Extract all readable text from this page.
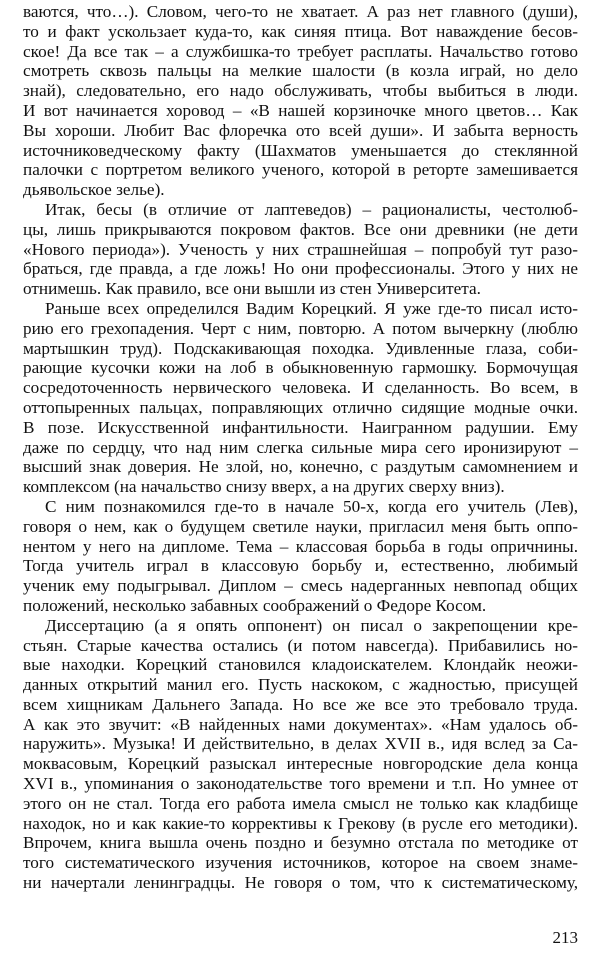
ваются, что…). Словом, чего-то не хватает. А раз нет главного (души),
то и факт ускользает куда-то, как синяя птица. Вот наваждение бесов-
ское! Да все так – а службишка-то требует расплаты. Начальство готово
смотреть сквозь пальцы на мелкие шалости (в козла играй, но дело
знай), следовательно, его надо обслуживать, чтобы выбиться в люди.
И вот начинается хоровод – «В нашей корзиночке много цветов… Как
Вы хороши. Любит Вас флоречка ото всей души». И забыта верность
источниковедческому факту (Шахматов уменьшается до стеклянной
палочки с портретом великого ученого, которой в реторте замешивается
дьявольское зелье).
Итак, бесы (в отличие от лаптеведов) – рационалисты, честолюб-
цы, лишь прикрываются покровом фактов. Все они древники (не дети
«Нового периода»). Ученость у них страшнейшая – попробуй тут разо-
браться, где правда, а где ложь! Но они профессионалы. Этого у них не
отнимешь. Как правило, все они вышли из стен Университета.
Раньше всех определился Вадим Корецкий. Я уже где-то писал исто-
рию его грехопадения. Черт с ним, повторю. А потом вычеркну (люблю
мартышкин труд). Подскакивающая походка. Удивленные глаза, соби-
рающие кусочки кожи на лоб в обыкновенную гармошку. Бормочущая
сосредоточенность нервического человека. И сделанность. Во всем, в
оттопыренных пальцах, поправляющих отлично сидящие модные очки.
В позе. Искусственной инфантильности. Наигранном радушии. Ему
даже по сердцу, что над ним слегка сильные мира сего иронизируют –
высший знак доверия. Не злой, но, конечно, с раздутым самомнением и
комплексом (на начальство снизу вверх, а на других сверху вниз).
С ним познакомился где-то в начале 50-х, когда его учитель (Лев),
говоря о нем, как о будущем светиле науки, пригласил меня быть оппо-
нентом у него на дипломе. Тема – классовая борьба в годы опричнины.
Тогда учитель играл в классовую борьбу и, естественно, любимый
ученик ему подыгрывал. Диплом – смесь надерганных невпопад общих
положений, несколько забавных соображений о Федоре Косом.
Диссертацию (а я опять оппонент) он писал о закрепощении кре-
стьян. Старые качества остались (и потом навсегда). Прибавились но-
вые находки. Корецкий становился кладоискателем. Клондайк неожи-
данных открытий манил его. Пусть наскоком, с жадностью, присущей
всем хищникам Дальнего Запада. Но все же все это требовало труда.
А как это звучит: «В найденных нами документах». «Нам удалось об-
наружить». Музыка! И действительно, в делах XVII в., идя вслед за Са-
моквасовым, Корецкий разыскал интересные новгородские дела конца
XVI в., упоминания о законодательстве того времени и т.п. Но умнее от
этого он не стал. Тогда его работа имела смысл не только как кладбище
находок, но и как какие-то коррективы к Грекову (в русле его методики).
Впрочем, книга вышла очень поздно и безумно отстала по методике от
того систематического изучения источников, которое на своем знаме-
ни начертали ленинградцы. Не говоря о том, что к систематическому,
213
